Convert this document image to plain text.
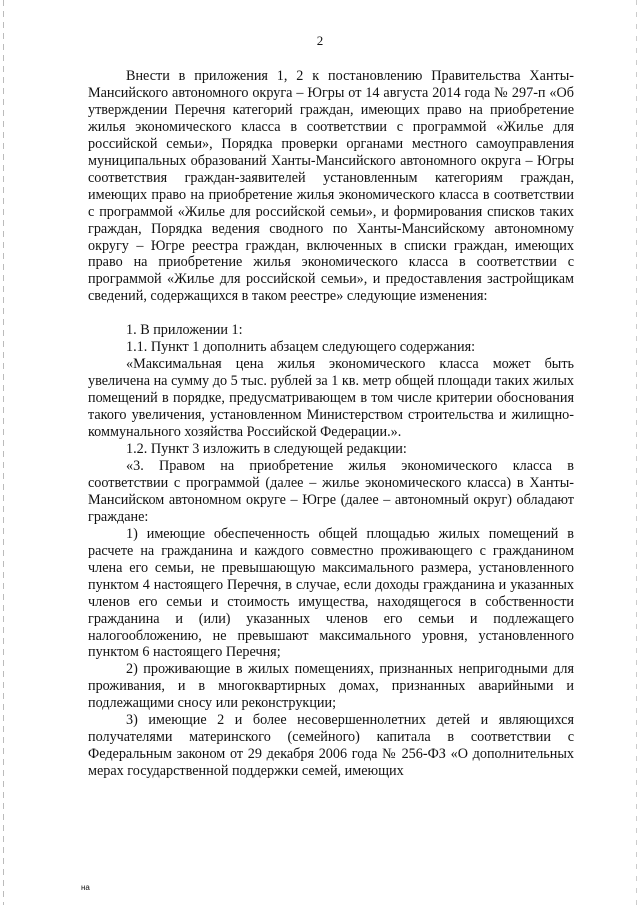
2

Внести в приложения 1, 2 к постановлению Правительства Ханты-Мансийского автономного округа – Югры от 14 августа 2014 года № 297-п «Об утверждении Перечня категорий граждан, имеющих право на приобретение жилья экономического класса в соответствии с программой «Жилье для российской семьи», Порядка проверки органами местного самоуправления муниципальных образований Ханты-Мансийского автономного округа – Югры соответствия граждан-заявителей установленным категориям граждан, имеющих право на приобретение жилья экономического класса в соответствии с программой «Жилье для российской семьи», и формирования списков таких граждан, Порядка ведения сводного по Ханты-Мансийскому автономному округу – Югре реестра граждан, включенных в списки граждан, имеющих право на приобретение жилья экономического класса в соответствии с программой «Жилье для российской семьи», и предоставления застройщикам сведений, содержащихся в таком реестре» следующие изменения:

1. В приложении 1:

1.1. Пункт 1 дополнить абзацем следующего содержания:

«Максимальная цена жилья экономического класса может быть увеличена на сумму до 5 тыс. рублей за 1 кв. метр общей площади таких жилых помещений в порядке, предусматривающем в том числе критерии обоснования такого увеличения, установленном Министерством строительства и жилищно-коммунального хозяйства Российской Федерации.».

1.2. Пункт 3 изложить в следующей редакции:

«3. Правом на приобретение жилья экономического класса в соответствии с программой (далее – жилье экономического класса) в Ханты-Мансийском автономном округе – Югре (далее – автономный округ) обладают граждане:

1) имеющие обеспеченность общей площадью жилых помещений в расчете на гражданина и каждого совместно проживающего с гражданином члена его семьи, не превышающую максимального размера, установленного пунктом 4 настоящего Перечня, в случае, если доходы гражданина и указанных членов его семьи и стоимость имущества, находящегося в собственности гражданина и (или) указанных членов его семьи и подлежащего налогообложению, не превышают максимального уровня, установленного пунктом 6 настоящего Перечня;

2) проживающие в жилых помещениях, признанных непригодными для проживания, и в многоквартирных домах, признанных аварийными и подлежащими сносу или реконструкции;

3) имеющие 2 и более несовершеннолетних детей и являющихся получателями материнского (семейного) капитала в соответствии с Федеральным законом от 29 декабря 2006 года № 256-ФЗ «О дополнительных мерах государственной поддержки семей, имеющих

на
